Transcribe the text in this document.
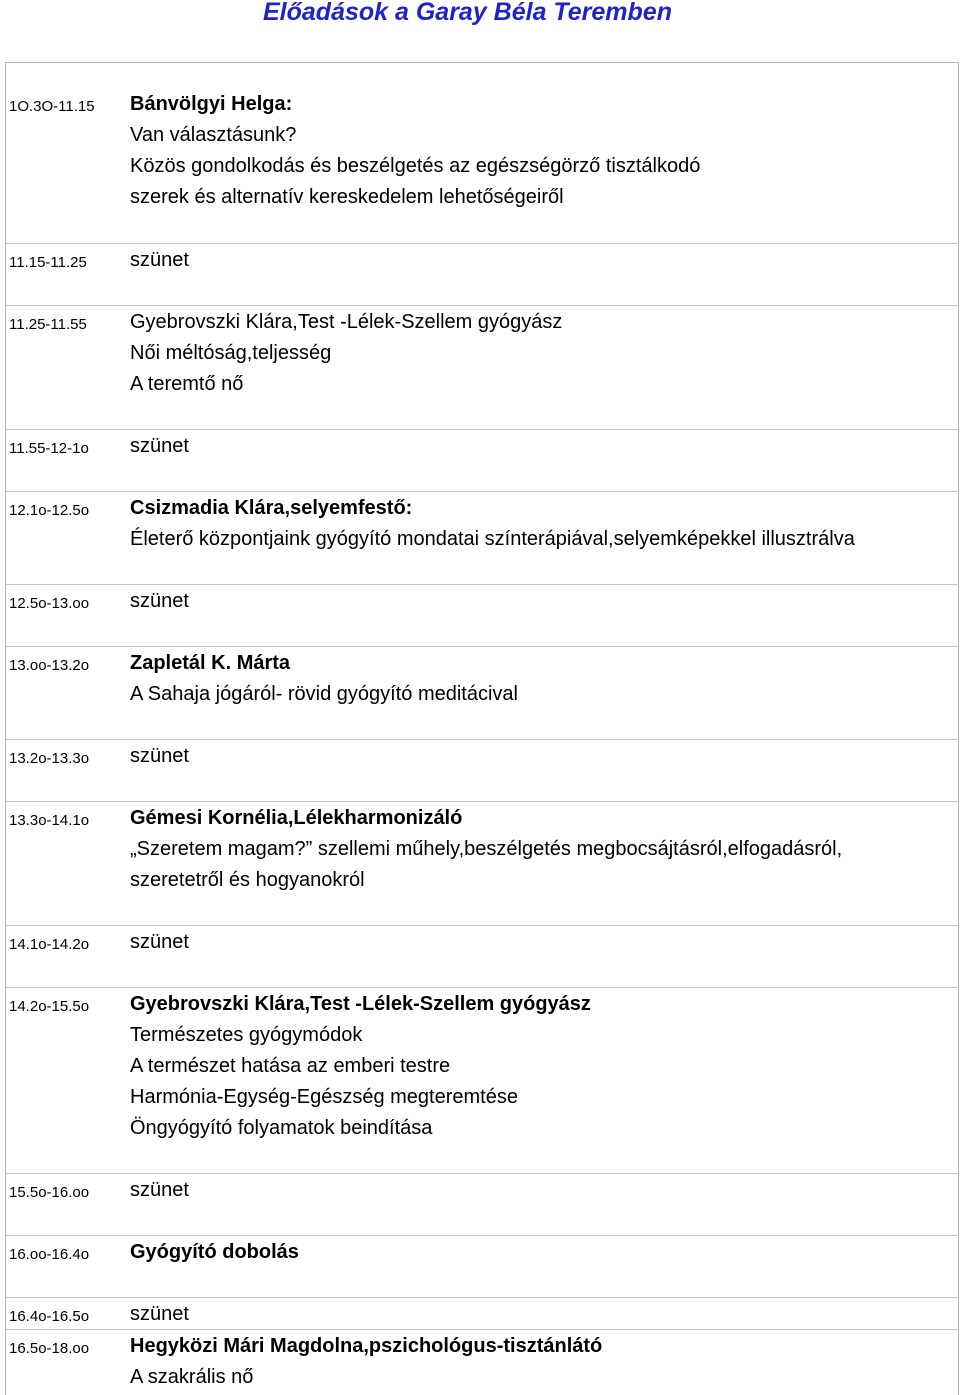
Előadások a Garay Béla Teremben
1O.3O-11.15 Bánvölgyi Helga:
Van választásunk?
Közös gondolkodás és beszélgetés az egészségörző tisztálkodó
szerek és alternatív kereskedelem lehetőségeiről
11.15-11.25 szünet
11.25-11.55 Gyebrovszki Klára,Test -Lélek-Szellem gyógyász
Női méltóság,teljesség
A teremtő nő
11.55-12-1o szünet
12.1o-12.5o Csizmadia Klára,selyemfestő:
Életerő központjaink gyógyító mondatai színterápiával,selyemképekkel illusztrálva
12.5o-13.oo szünet
13.oo-13.2o Zapletál K. Márta
A Sahaja jógáról- rövid gyógyító meditácival
13.2o-13.3o szünet
13.3o-14.1o Gémesi Kornélia,Lélekharmonizáló
„Szeretem magam?” szellemi műhely,beszélgetés megbocsájtásról,elfogadásról,
szeretetről és hogyanokról
14.1o-14.2o szünet
14.2o-15.5o Gyebrovszki Klára,Test -Lélek-Szellem gyógyász
Természetes gyógymódok
A természet hatása az emberi testre
Harmónia-Egység-Egészség megteremtése
Öngyógyító folyamatok beindítása
15.5o-16.oo szünet
16.oo-16.4o Gyógyító dobolás
16.4o-16.5o szünet
16.5o-18.oo Hegyközi Mári Magdolna,pszichológus-tisztánlátó
A szakrális nő
